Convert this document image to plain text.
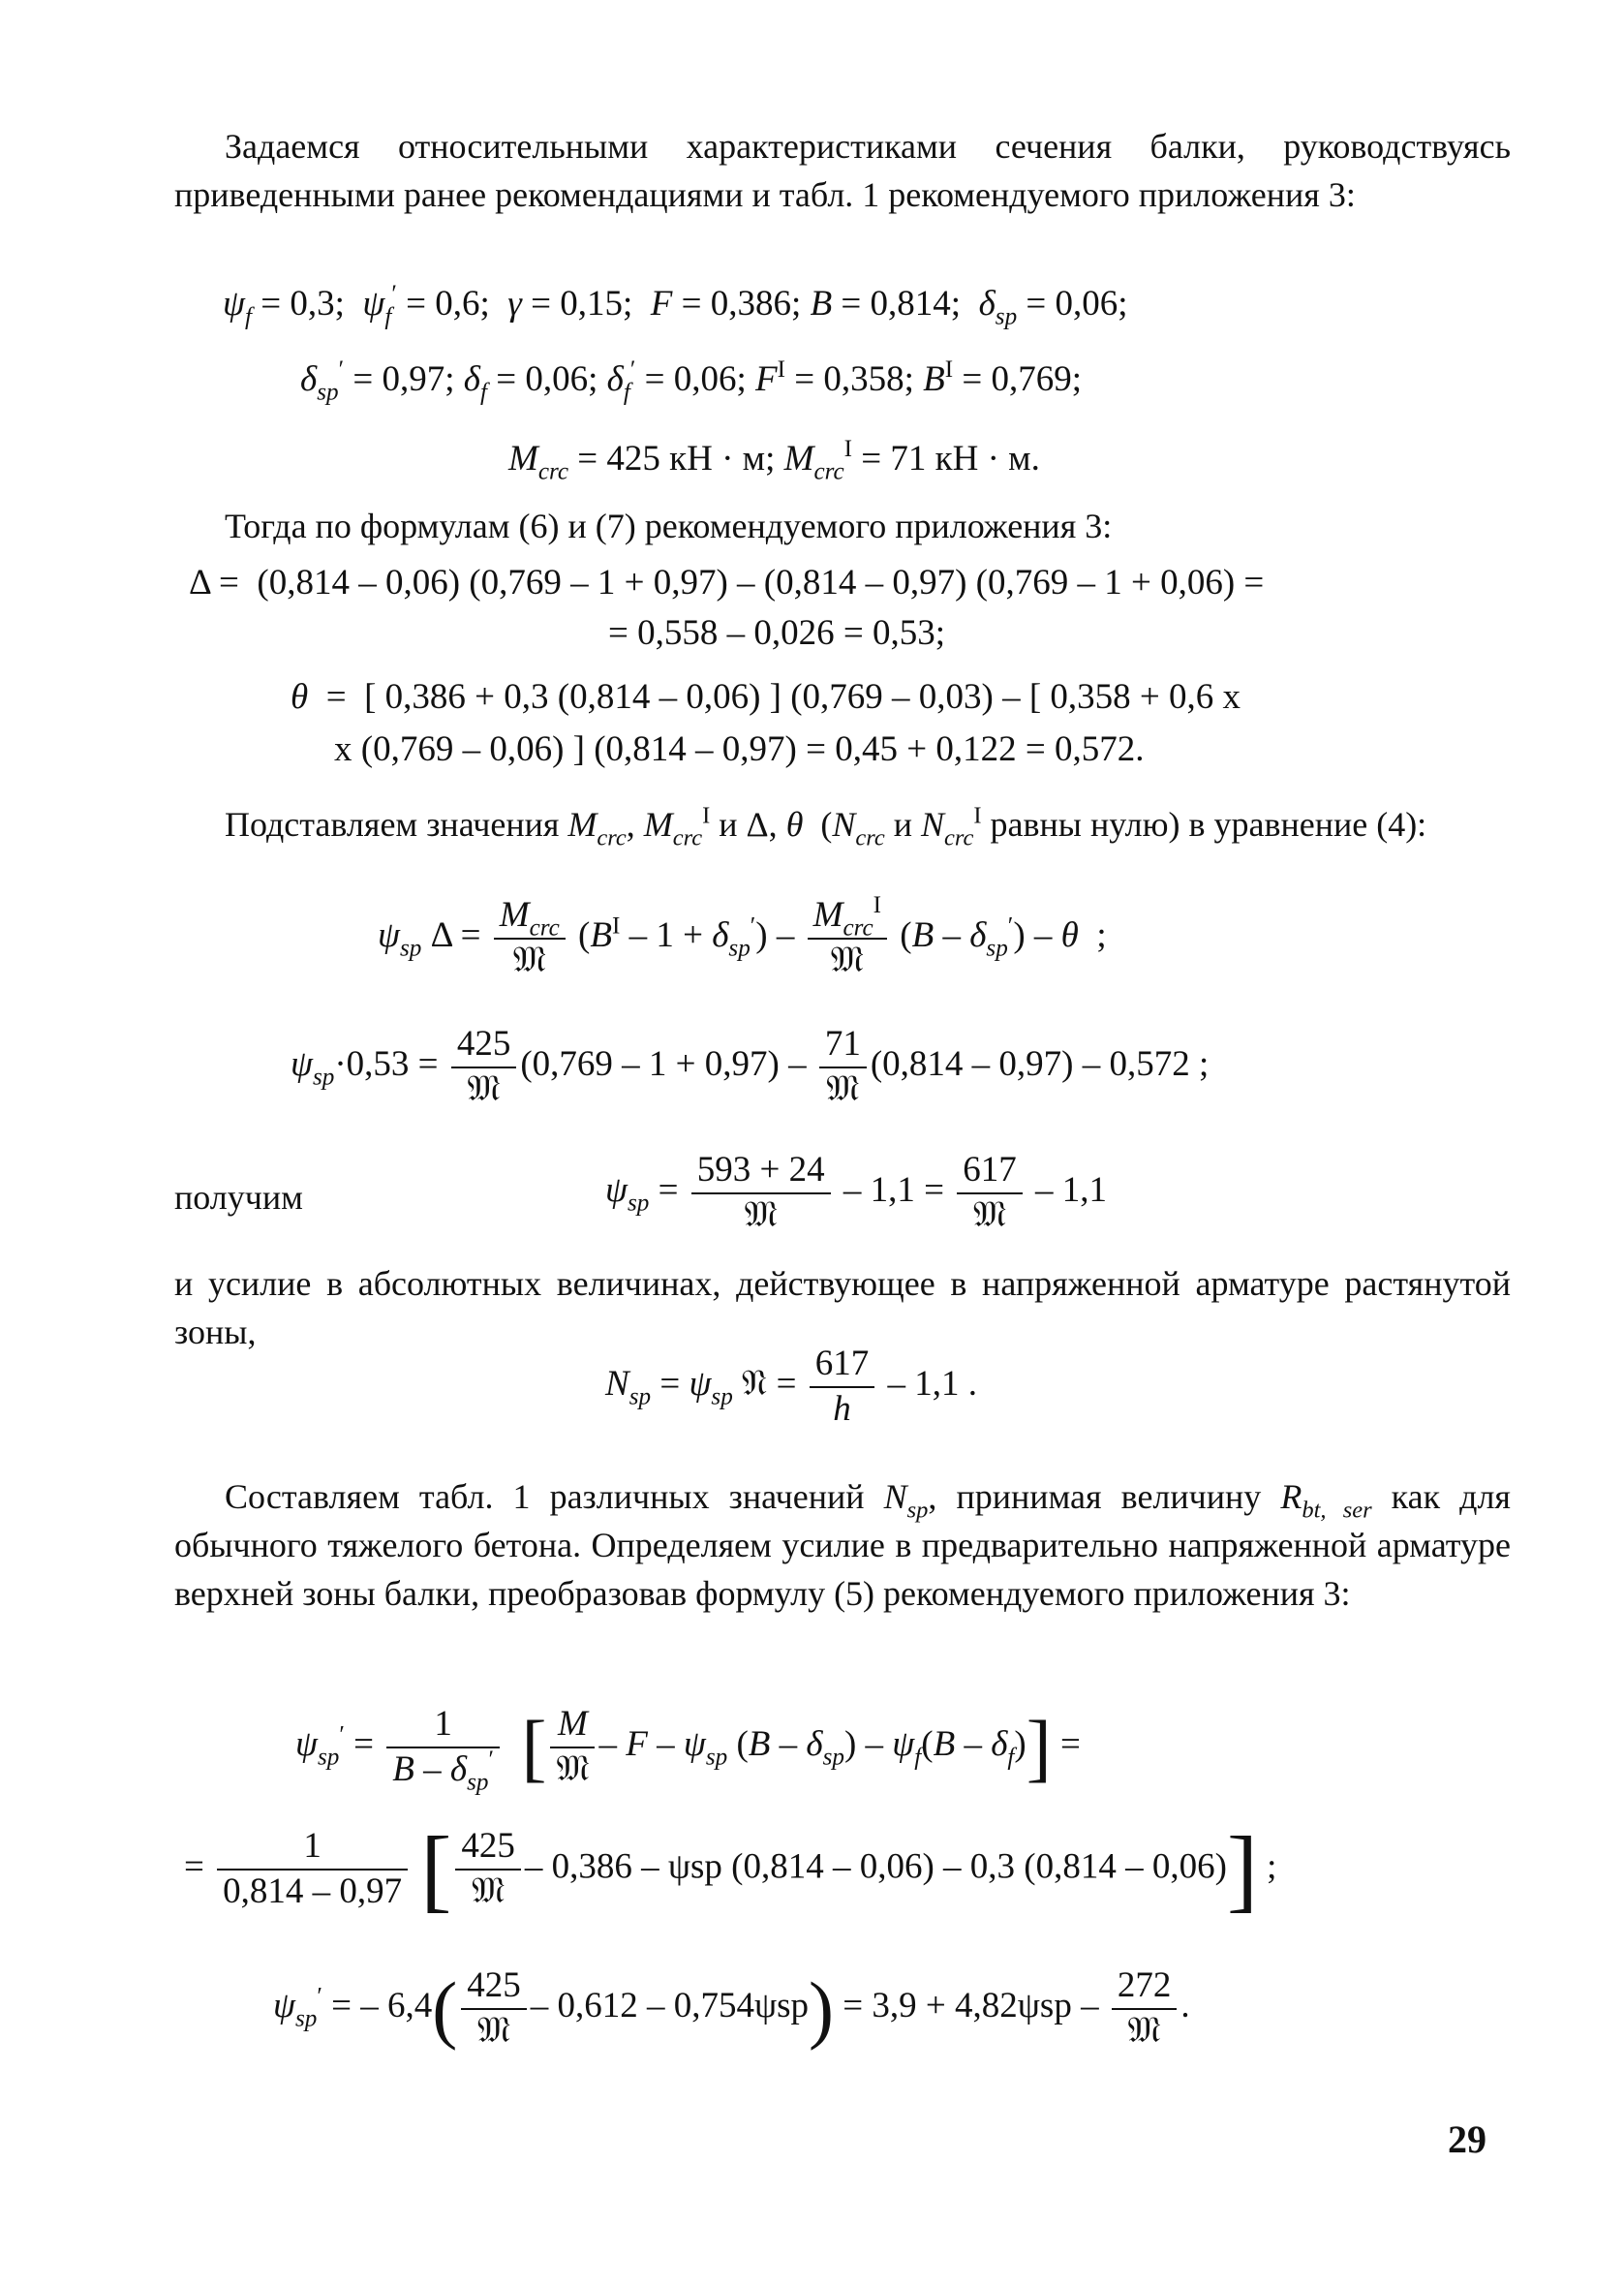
Задаемся относительными характеристиками сечения балки, руководствуясь приведенными ранее рекомендациями и табл. 1 рекомендуемого приложения 3:

$\psi_f = 0,3$;  $\psi_f' = 0,6$;  γ = 0,15;  F = 0,386; B = 0,814;  $\delta_{sp} = 0,06$;
$\delta_{sp}' = 0,97$; $\delta_f = 0,06$; $\delta_f' = 0,06$; $F^I = 0,358$; $B^I = 0,769$;
$M_{crc} = 425$ кН · м; $M_{crc}^I = 71$ кН · м.

Тогда по формулам (6) и (7) рекомендуемого приложения 3:

Δ =  (0,814 – 0,06) (0,769 – 1 + 0,97) – (0,814 – 0,97) (0,769 – 1 + 0,06) =
= 0,558 – 0,026 = 0,53;
θ  =  [ 0,386 + 0,3 (0,814 – 0,06) ] (0,769 – 0,03) – [ 0,358 + 0,6 x
x (0,769 – 0,06) ] (0,814 – 0,97) = 0,45 + 0,122 = 0,572.

Подставляем значения $M_{crc}$, $M_{crc}^I$ и Δ, θ  ($N_{crc}$ и $N_{crc}^I$ равны нулю) в уравнение (4):

$\psi_{sp}$ $\Delta = \frac{M_{crc}}{\text{𝔐}} (B^I - 1 + \delta_{sp}') - \frac{M_{crc}^I}{\text{𝔐}} (B - \delta_{sp}') - \theta$  ;
$\psi_{sp}\cdot 0,53 = \frac{425}{\text{𝔐}} (0,769 - 1 + 0,97) - \frac{71}{\text{𝔐}} (0,814 - 0,97) - 0,572$ ;
получим	$\psi_{sp} = \frac{593 + 24}{\text{𝔐}} - 1,1 = \frac{617}{\text{𝔐}} - 1,1$

и усилие в абсолютных величинах, действующее в напряженной арматуре растянутой зоны,

$N_{sp} = \psi_{sp}$ 𝔑 = $\frac{617}{h} - 1,1$ .

Составляем табл. 1 различных значений $N_{sp}$, принимая величину $R_{bt, ser}$ как для обычного тяжелого бетона. Определяем усилие в предварительно напряженной арматуре верхней зоны балки, преобразовав формулу (5) рекомендуемого приложения 3:

$\psi_{sp}' = \frac{1}{B - \delta_{sp}'}$ [ $\frac{M}{\text{𝔐}}$ – F – $\psi_{sp}$ $(B - \delta_{sp}) - \psi_f(B - \delta_f)$] =
= $\frac{1}{0,814 - 0,97}$ [ $\frac{425}{\text{𝔐}} - 0,386$ – ψsp (0,814 – 0,06) – 0,3 (0,814 – 0,06)] ;
$\psi_{sp}'$ = – $6,4( \frac{425}{\text{𝔐}} - 0,612 - 0,754\psi sp) = 3,9 + 4,82\psi sp - \frac{272}{\text{𝔐}}$ .
29
